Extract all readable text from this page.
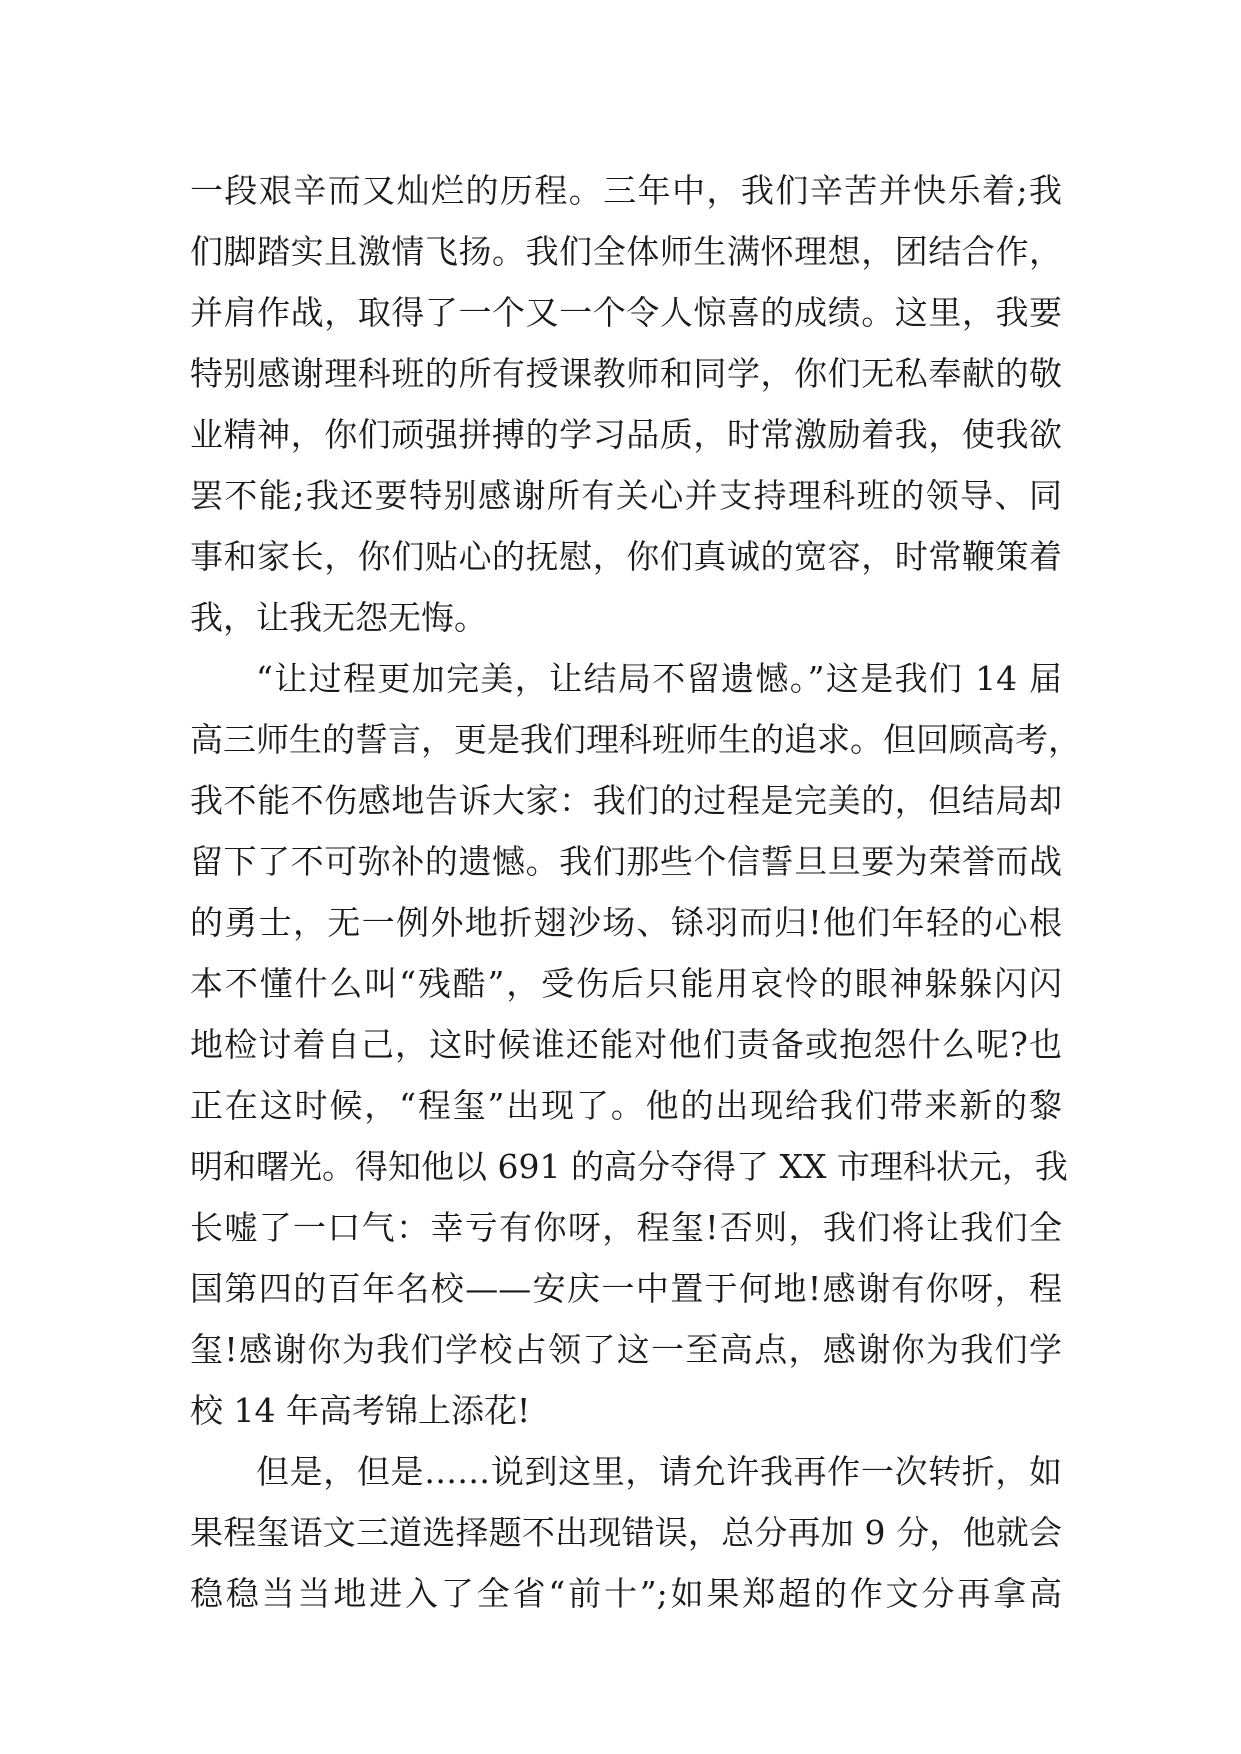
一段艰辛而又灿烂的历程。三年中，我们辛苦并快乐着;我
们脚踏实且激情飞扬。我们全体师生满怀理想，团结合作，
并肩作战，取得了一个又一个令人惊喜的成绩。这里，我要
特别感谢理科班的所有授课教师和同学，你们无私奉献的敬
业精神，你们顽强拼搏的学习品质，时常激励着我，使我欲
罢不能;我还要特别感谢所有关心并支持理科班的领导、同
事和家长，你们贴心的抚慰，你们真诚的宽容，时常鞭策着
我，让我无怨无悔。
“让过程更加完美，让结局不留遗憾。”这是我们 14 届
高三师生的誓言，更是我们理科班师生的追求。但回顾高考，
我不能不伤感地告诉大家：我们的过程是完美的，但结局却
留下了不可弥补的遗憾。我们那些个信誓旦旦要为荣誉而战
的勇士，无一例外地折翅沙场、铩羽而归!他们年轻的心根
本不懂什么叫“残酷”，受伤后只能用哀怜的眼神躲躲闪闪
地检讨着自己，这时候谁还能对他们责备或抱怨什么呢?也
正在这时候，“程玺”出现了。他的出现给我们带来新的黎
明和曙光。得知他以 691 的高分夺得了 XX 市理科状元，我
长嘘了一口气：幸亏有你呀，程玺!否则，我们将让我们全
国第四的百年名校——安庆一中置于何地!感谢有你呀，程
玺!感谢你为我们学校占领了这一至高点，感谢你为我们学
校 14 年高考锦上添花!
但是，但是……说到这里，请允许我再作一次转折，如
果程玺语文三道选择题不出现错误，总分再加 9 分，他就会
稳稳当当地进入了全省“前十”;如果郑超的作文分再拿高
